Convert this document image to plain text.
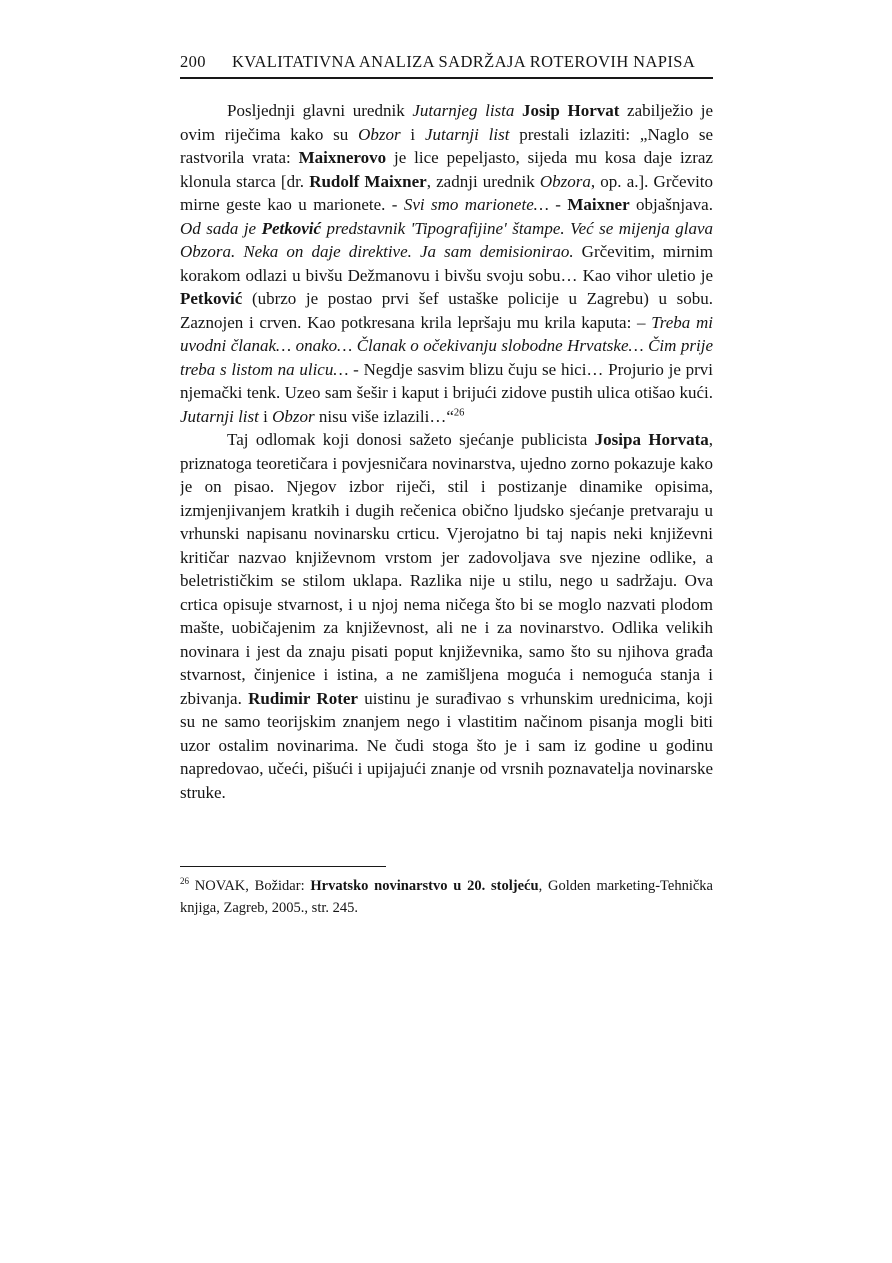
200 KVALITATIVNA ANALIZA SADRŽAJA ROTEROVIH NAPISA

Posljednji glavni urednik Jutarnjeg lista Josip Horvat zabilježio je ovim riječima kako su Obzor i Jutarnji list prestali izlaziti: „Naglo se rastvorila vrata: Maixnerovo je lice pepeljasto, sijeda mu kosa daje izraz klonula starca [dr. Rudolf Maixner, zadnji urednik Obzora, op. a.]. Grčevito mirne geste kao u marionete. - Svi smo marionete… - Maixner objašnjava. Od sada je Petković predstavnik 'Tipografijine' štampe. Već se mijenja glava Obzora. Neka on daje direktive. Ja sam demisionirao. Grčevitim, mirnim korakom odlazi u bivšu Dežmanovu i bivšu svoju sobu… Kao vihor uletio je Petković (ubrzo je postao prvi šef ustaške policije u Zagrebu) u sobu. Zaznojen i crven. Kao potkresana krila lepršaju mu krila kaputa: – Treba mi uvodni članak… onako… Članak o očekivanju slobodne Hrvatske… Čim prije treba s listom na ulicu… - Negdje sasvim blizu čuju se hici… Projurio je prvi njemački tenk. Uzeo sam šešir i kaput i brijući zidove pustih ulica otišao kući. Jutarnji list i Obzor nisu više izlazili…“$^{26}$

Taj odlomak koji donosi sažeto sjećanje publicista Josipa Horvata, priznatoga teoretičara i povjesničara novinarstva, ujedno zorno pokazuje kako je on pisao. Njegov izbor riječi, stil i postizanje dinamike opisima, izmjenjivanjem kratkih i dugih rečenica obično ljudsko sjećanje pretvaraju u vrhunski napisanu novinarsku crticu. Vjerojatno bi taj napis neki književni kritičar nazvao književnom vrstom jer zadovoljava sve njezine odlike, a beletrističkim se stilom uklapa. Razlika nije u stilu, nego u sadržaju. Ova crtica opisuje stvarnost, i u njoj nema ničega što bi se moglo nazvati plodom mašte, uobičajenim za književnost, ali ne i za novinarstvo. Odlika velikih novinara i jest da znaju pisati poput književnika, samo što su njihova građa stvarnost, činjenice i istina, a ne zamišljena moguća i nemoguća stanja i zbivanja. Rudimir Roter uistinu je surađivao s vrhunskim urednicima, koji su ne samo teorijskim znanjem nego i vlastitim načinom pisanja mogli biti uzor ostalim novinarima. Ne čudi stoga što je i sam iz godine u godinu napredovao, učeći, pišući i upijajući znanje od vrsnih poznavatelja novinarske struke.

$^{26}$ NOVAK, Božidar: Hrvatsko novinarstvo u 20. stoljeću, Golden marketing-Tehnička knjiga, Zagreb, 2005., str. 245.
